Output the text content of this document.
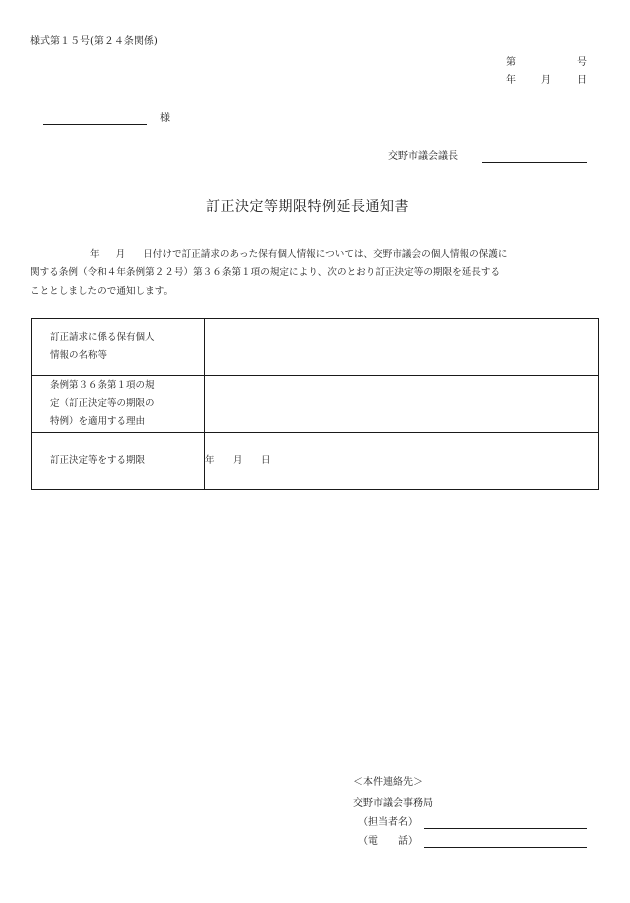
様式第１５号(第２４条関係)
第	号
年	月	日
様
交野市議会議長
訂正決定等期限特例延長通知書
年 月 日付けで訂正請求のあった保有個人情報については、交野市議会の個人情報の保護に
関する条例（令和４年条例第２２号）第３６条第１項の規定により、次のとおり訂正決定等の期限を延長する
こととしましたので通知します。
訂正請求に係る保有個人
情報の名称等	

条例第３６条第１項の規
定（訂正決定等の期限の
特例）を適用する理由	

訂正決定等をする期限	年 月 日
＜本件連絡先＞
交野市議会事務局
（担当者名）
（電　　話）
